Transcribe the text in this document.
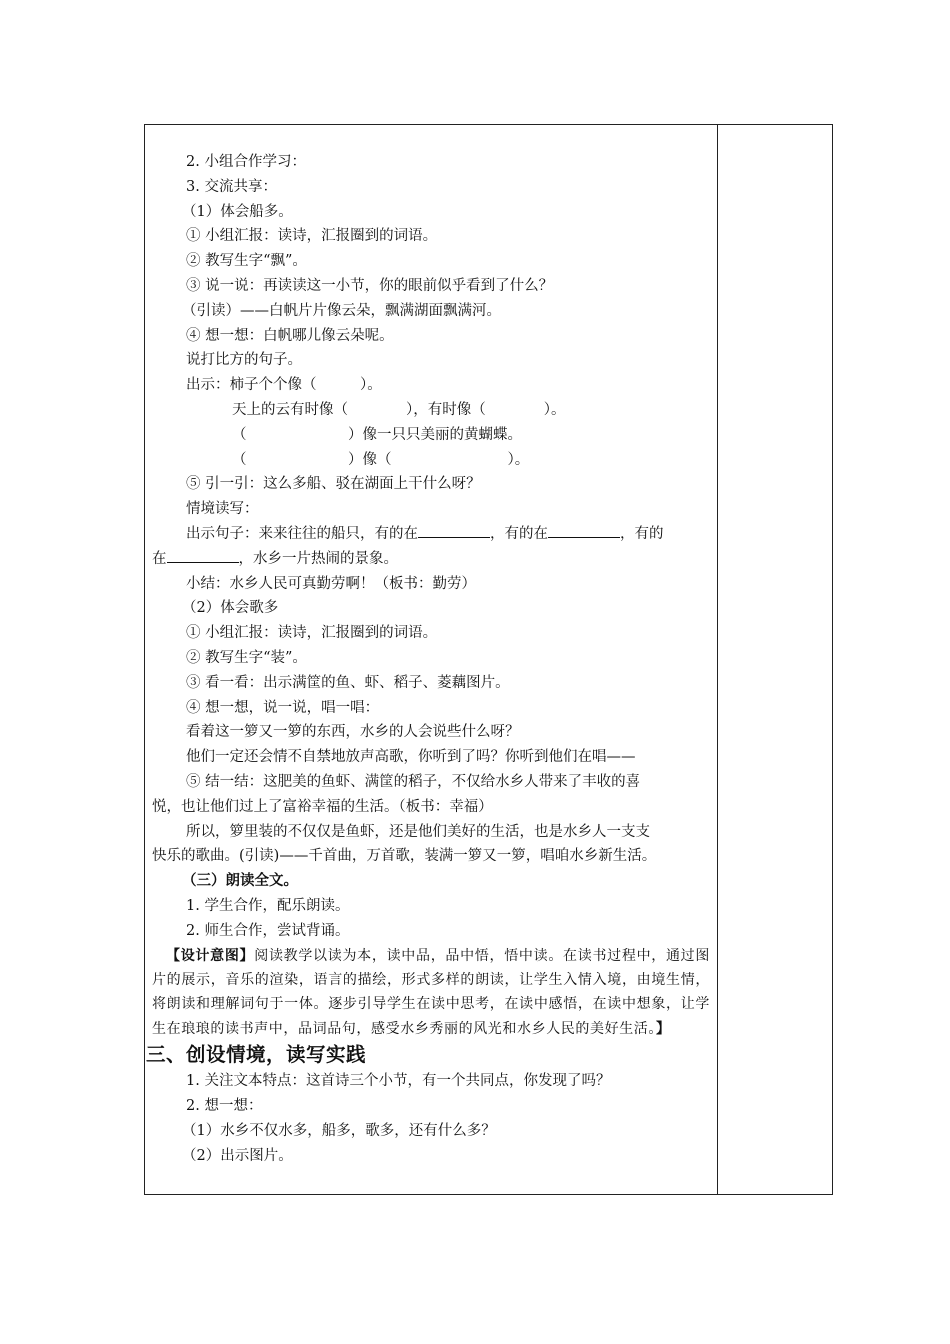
2. 小组合作学习：
3. 交流共享：
（1）体会船多。
① 小组汇报：读诗，汇报圈到的词语。
② 教写生字“飘”。
③ 说一说：再读读这一小节，你的眼前似乎看到了什么？
（引读）——白帆片片像云朵，飘满湖面飘满河。
④ 想一想：白帆哪儿像云朵呢。
说打比方的句子。
出示：柿子个个像（　　　）。
天上的云有时像（　　　　），有时像（　　　　）。
（　　　　　　　）像一只只美丽的黄蝴蝶。
（　　　　　　　）像（　　　　　　　　）。
⑤ 引一引：这么多船、驳在湖面上干什么呀？
情境读写：
出示句子：来来往往的船只，有的在	，有的在	，有的
在	，水乡一片热闹的景象。
小结：水乡人民可真勤劳啊！（板书：勤劳）
（2）体会歌多
① 小组汇报：读诗，汇报圈到的词语。
② 教写生字“装”。
③ 看一看：出示满筐的鱼、虾、稻子、菱藕图片。
④ 想一想，说一说，唱一唱：
看着这一箩又一箩的东西，水乡的人会说些什么呀？
他们一定还会情不自禁地放声高歌，你听到了吗？你听到他们在唱——
⑤ 结一结：这肥美的鱼虾、满筐的稻子，不仅给水乡人带来了丰收的喜
悦，也让他们过上了富裕幸福的生活。（板书：幸福）
所以，箩里装的不仅仅是鱼虾，还是他们美好的生活，也是水乡人一支支
快乐的歌曲。(引读)——千首曲，万首歌，装满一箩又一箩，唱咱水乡新生活。
（三）朗读全文。
1. 学生合作，配乐朗读。
2. 师生合作，尝试背诵。
【设计意图】阅读教学以读为本，读中品，品中悟，悟中读。在读书过程中，通过图片的展示，音乐的渲染，语言的描绘，形式多样的朗读，让学生入情入境，由境生情，将朗读和理解词句于一体。逐步引导学生在读中思考，在读中感悟，在读中想象，让学生在琅琅的读书声中，品词品句，感受水乡秀丽的风光和水乡人民的美好生活。】
三、创设情境，读写实践
1. 关注文本特点：这首诗三个小节，有一个共同点，你发现了吗？
2. 想一想：
（1）水乡不仅水多，船多，歌多，还有什么多？
（2）出示图片。
